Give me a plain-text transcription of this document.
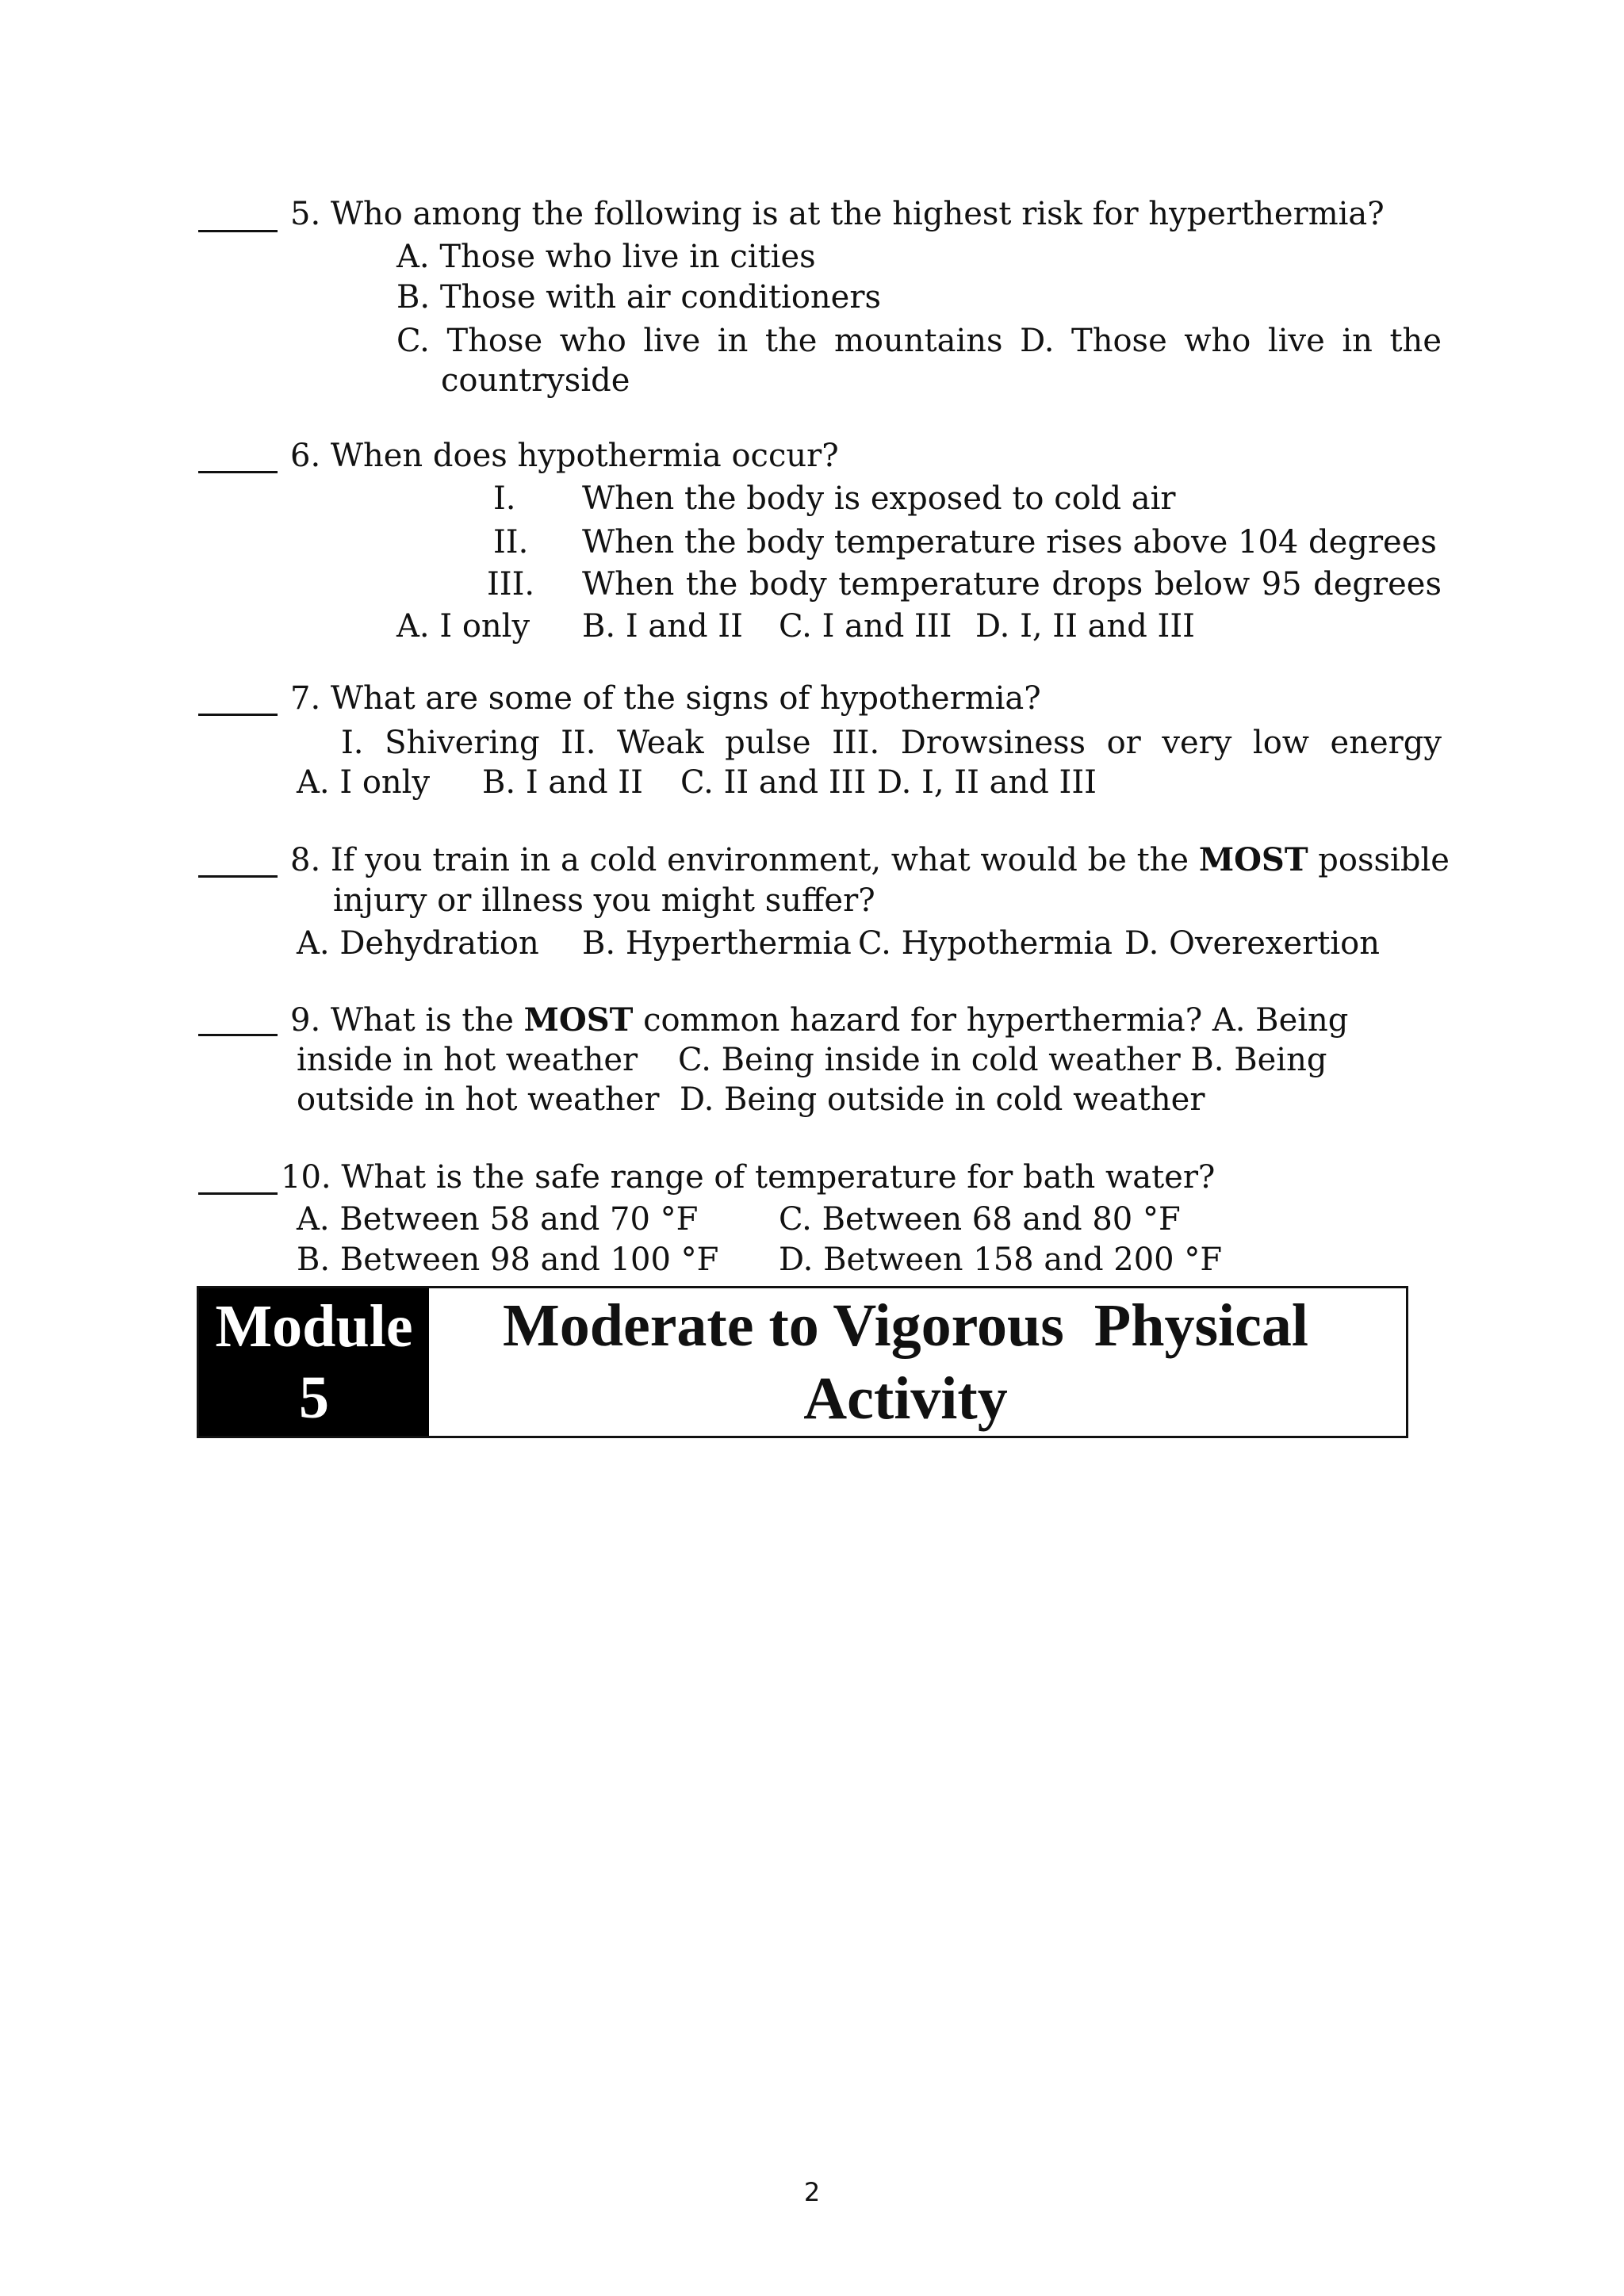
5. Who among the following is at the highest risk for hyperthermia?
A. Those who live in cities
B. Those with air conditioners
C. Those who live in the mountains D. Those who live in the
countryside
6. When does hypothermia occur?
I. When the body is exposed to cold air
II. When the body temperature rises above 104 degrees
III. When the body temperature drops below 95 degrees
A. I only B. I and II C. I and III D. I, II and III
7. What are some of the signs of hypothermia?
I. Shivering II. Weak pulse III. Drowsiness or very low energy
A. I only B. I and II C. II and III D. I, II and III
8. If you train in a cold environment, what would be the MOST possible
injury or illness you might suffer?
A. Dehydration B. Hyperthermia C. Hypothermia D. Overexertion
9. What is the MOST common hazard for hyperthermia? A. Being
inside in hot weather    C. Being inside in cold weather B. Being
outside in hot weather  D. Being outside in cold weather
10. What is the safe range of temperature for bath water?
A. Between 58 and 70 °F	C. Between 68 and 80 °F
B. Between 98 and 100 °F D. Between 158 and 200 °F
Module
5
Moderate to Vigorous  Physical
Activity
2
